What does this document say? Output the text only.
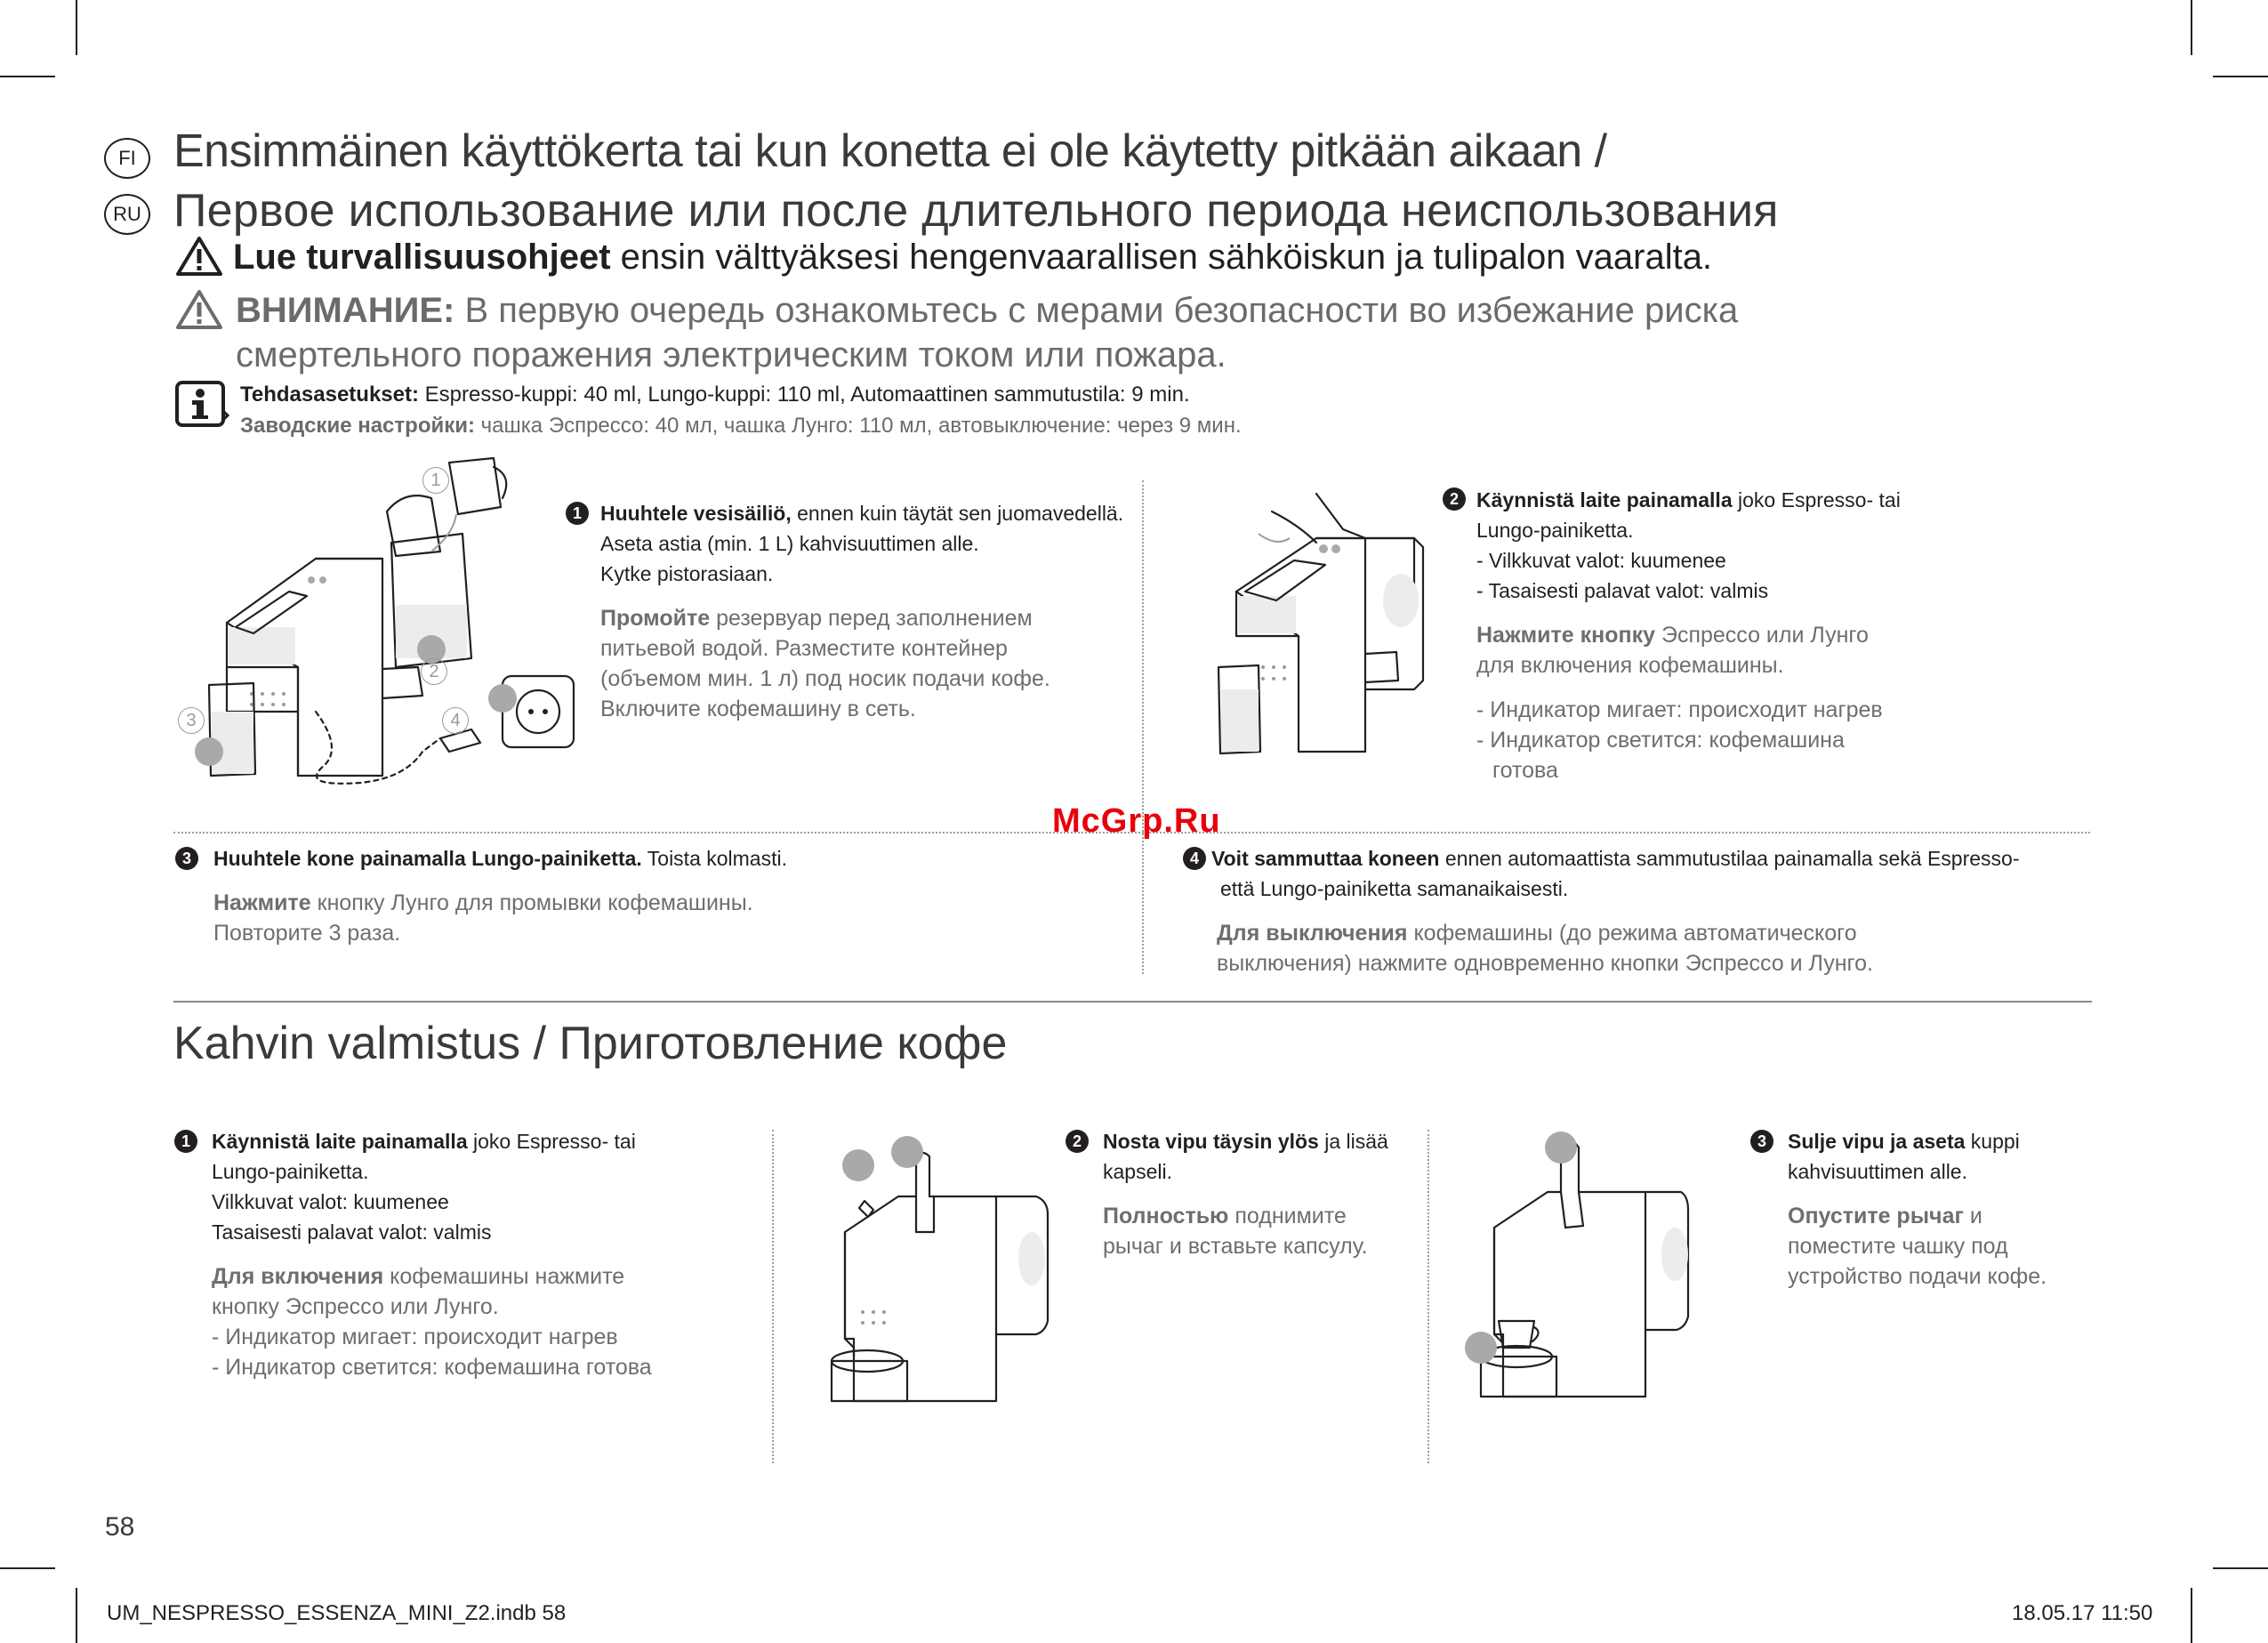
FI
RU
Ensimmäinen käyttökerta tai kun konetta ei ole käytetty pitkään aikaan /
Первое использование или после длительного периода неиспользования
Lue turvallisuusohjeet ensin välttyäksesi hengenvaarallisen sähköiskun ja tulipalon vaaralta.
ВНИМАНИЕ: В первую очередь ознакомьтесь с мерами безопасности во избежание риска
смертельного поражения электрическим током или пожара.
Tehdasasetukset: Espresso-kuppi: 40 ml, Lungo-kuppi: 110 ml, Automaattinen sammutustila: 9 min.
Заводские настройки: чашка Эспрессо: 40 мл, чашка Лунго: 110 мл, автовыключение: через 9 мин.
1
2
3	4
1 Huuhtele vesisäiliö, ennen kuin täytät sen juomavedellä.
Aseta astia (min. 1 L) kahvisuuttimen alle.
Kytke pistorasiaan.
Промойте резервуар перед заполнением
питьевой водой. Разместите контейнер
(объемом мин. 1 л) под носик подачи кофе.
Включите кофемашину в сеть.
2 Käynnistä laite painamalla joko Espresso- tai
Lungo-painiketta.
- Vilkkuvat valot: kuumenee
- Tasaisesti palavat valot: valmis
Нажмите кнопку Эспрессо или Лунго
для включения кофемашины.
- Индикатор мигает: происходит нагрев
- Индикатор светится: кофемашина
готова
McGrp.Ru
3	Huuhtele kone painamalla Lungo-painiketta. Toista kolmasti.
Нажмите кнопку Лунго для промывки кофемашины.
Повторите 3 раза.
4 Voit sammuttaa koneen ennen automaattista sammutustilaa painamalla sekä Espresso-
että Lungo-painiketta samanaikaisesti.
Для выключения кофемашины (до режима автоматического
выключения) нажмите одновременно кнопки Эспрессо и Лунго.
Kahvin valmistus / Приготовление кофе
1	Käynnistä laite painamalla joko Espresso- tai
Lungo-painiketta.
Vilkkuvat valot: kuumenee
Tasaisesti palavat valot: valmis
Для включения кофемашины нажмите
кнопку Эспрессо или Лунго.
- Индикатор мигает: происходит нагрев
- Индикатор светится: кофемашина готова
2	Nosta vipu täysin ylös ja lisää
kapseli.
Полностью поднимите
рычаг и вставьте капсулу.
3	Sulje vipu ja aseta kuppi
kahvisuuttimen alle.
Опустите рычаг и
поместите чашку под
устройство подачи кофе.
58
UM_NESPRESSO_ESSENZA_MINI_Z2.indb 58	18.05.17 11:50
